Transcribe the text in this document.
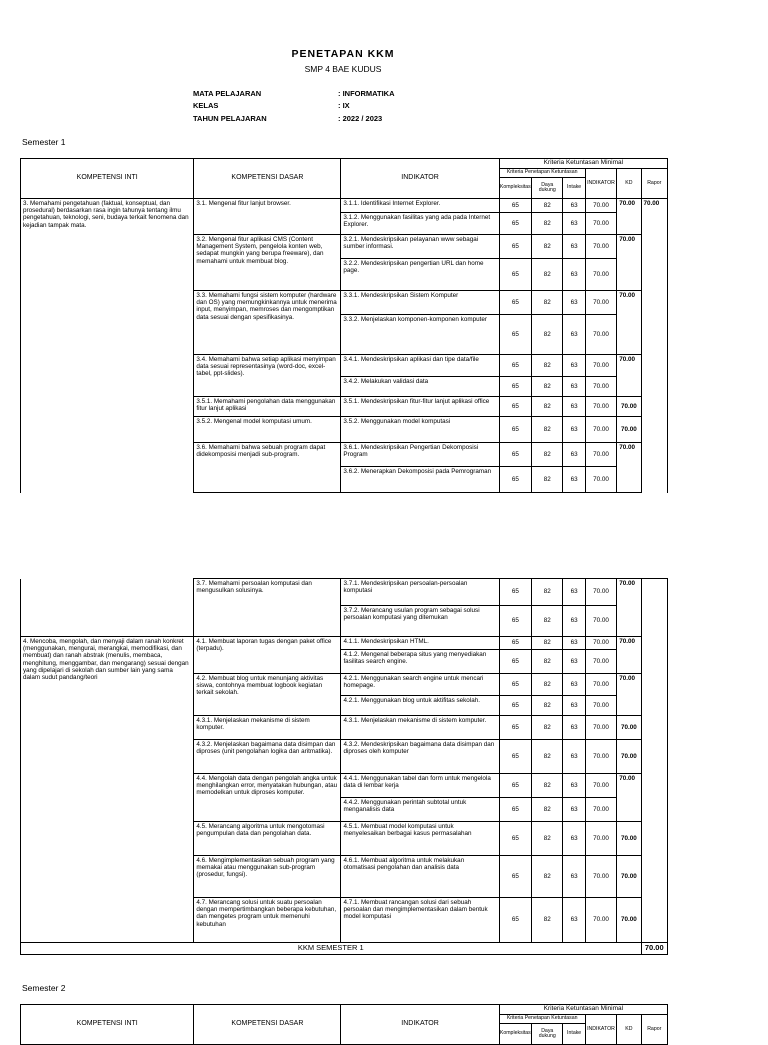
PENETAPAN KKM
SMP 4 BAE KUDUS
MATA PELAJARAN	: INFORMATIKA
KELAS	: IX
TAHUN PELAJARAN	: 2022 / 2023
Semester 1
KOMPETENSI INTI	KOMPETENSI DASAR	INDIKATOR	Kriteria Ketuntasan Minimal					
			Kriteria Penetapan Ketuntasan			INDIKATOR	KD	Rapor
			Kompleksitas	Daya dukung	Intake			
3. Memahami pengetahuan (faktual, konseptual, dan prosedural) berdasarkan rasa ingin tahunya tentang ilmu pengetahuan, teknologi, seni, budaya terkait fenomena dan kejadian tampak mata.	3.1. Mengenal fitur lanjut browser.	3.1.1. Identifikasi Internet Explorer.	65	82	63	70.00	70.00	70.00
		3.1.2. Menggunakan fasilitas yang ada pada Internet Explorer.	65	82	63	70.00		
	3.2. Mengenal fitur aplikasi CMS (Content Management System, pengelola konten web, sedapat mungkin yang berupa freeware), dan memahami untuk membuat blog.	3.2.1. Mendeskripsikan pelayanan www sebagai sumber informasi.	65	82	63	70.00	70.00	
		3.2.2. Mendeskripsikan pengertian URL dan home page.	65	82	63	70.00		
	3.3. Memahami fungsi sistem komputer (hardware dan OS) yang memungkinkannya untuk menerima input, menyimpan, memroses dan mengomptikan data sesuai dengan spesifikasinya.	3.3.1. Mendeskripsikan Sistem Komputer	65	82	63	70.00	70.00	
		3.3.2. Menjelaskan komponen-komponen komputer	65	82	63	70.00		
	3.4. Memahami bahwa setiap aplikasi menyimpan data sesuai representasinya (word-doc, excel-tabel, ppt-slides).	3.4.1. Mendeskripsikan aplikasi dan tipe data/file	65	82	63	70.00	70.00	
		3.4.2. Melakukan validasi data	65	82	63	70.00		
	3.5.1. Memahami pengolahan data menggunakan fitur lanjut aplikasi	3.5.1. Mendeskripsikan fitur-fitur lanjut aplikasi office	65	82	63	70.00	70.00	
	3.5.2. Mengenal model komputasi umum.	3.5.2. Menggunakan model komputasi	65	82	63	70.00	70.00	
	3.6. Memahami bahwa sebuah program dapat didekomposisi menjadi sub-program.	3.6.1. Mendeskripsikan Pengertian Dekomposisi Program	65	82	63	70.00	70.00	
		3.6.2. Menerapkan Dekomposisi pada Pemrograman	65	82	63	70.00		
	3.7. Memahami persoalan komputasi dan mengusulkan solusinya.	3.7.1. Mendeskripsikan persoalan-persoalan komputasi	65	82	63	70.00	70.00	
		3.7.2. Merancang usulan program sebagai solusi persoalan komputasi yang ditemukan	65	82	63	70.00		
4. Mencoba, mengolah, dan menyaji dalam ranah konkret (menggunakan, mengurai, merangkai, memodifikasi, dan membuat) dan ranah abstrak (menulis, membaca, menghitung, menggambar, dan mengarang) sesuai dengan yang dipelajari di sekolah dan sumber lain yang sama dalam sudut pandang/teori	4.1. Membuat laporan tugas dengan paket office (terpadu).	4.1.1. Mendeskripsikan HTML.	65	82	63	70.00	70.00	
		4.1.2. Mengenal beberapa situs yang menyediakan fasilitas search engine.	65	82	63	70.00		
	4.2. Membuat blog untuk menunjang aktivitas siswa, contohnya membuat logbook kegiatan terkait sekolah.	4.2.1. Menggunakan search engine untuk mencari homepage.	65	82	63	70.00	70.00	
		4.2.1. Menggunakan blog untuk aktifitas sekolah.	65	82	63	70.00		
	4.3.1. Menjelaskan mekanisme di sistem komputer.	4.3.1. Menjelaskan mekanisme di sistem komputer.	65	82	63	70.00	70.00	
	4.3.2. Menjelaskan bagaimana data disimpan dan diproses (unit pengolahan logika dan aritmatika).	4.3.2. Mendeskripsikan bagaimana data disimpan dan diproses oleh komputer	65	82	63	70.00	70.00	
	4.4. Mengolah data dengan pengolah angka untuk menghilangkan error, menyatakan hubungan, atau memodelkan untuk diproses komputer.	4.4.1. Menggunakan tabel dan form untuk mengelola data di lembar kerja	65	82	63	70.00	70.00	
		4.4.2. Menggunakan perintah subtotal untuk menganalisis data	65	82	63	70.00		
	4.5. Merancang algoritma untuk mengotomasi pengumpulan data dan pengolahan data.	4.5.1. Membuat model komputasi untuk menyelesaikan berbagai kasus permasalahan	65	82	63	70.00	70.00	
	4.6. Mengimplementasikan sebuah program yang memakai atau menggunakan sub-program (prosedur, fungsi).	4.6.1. Membuat algoritma untuk melakukan otomatisasi pengolahan dan analisis data	65	82	63	70.00	70.00	
	4.7. Merancang solusi untuk suatu persoalan dengan mempertimbangkan beberapa kebutuhan, dan mengetes program untuk memenuhi kebutuhan	4.7.1. Membuat rancangan solusi dari sebuah persoalan dan mengimplementasikan dalam bentuk model komputasi	65	82	63	70.00	70.00	
KKM SEMESTER 1								70.00
Semester 2
KOMPETENSI INTI	KOMPETENSI DASAR	INDIKATOR	Kriteria Ketuntasan Minimal					
			Kriteria Penetapan Ketuntasan			INDIKATOR	KD	Rapor
			Kompleksitas	Daya dukung	Intake			
